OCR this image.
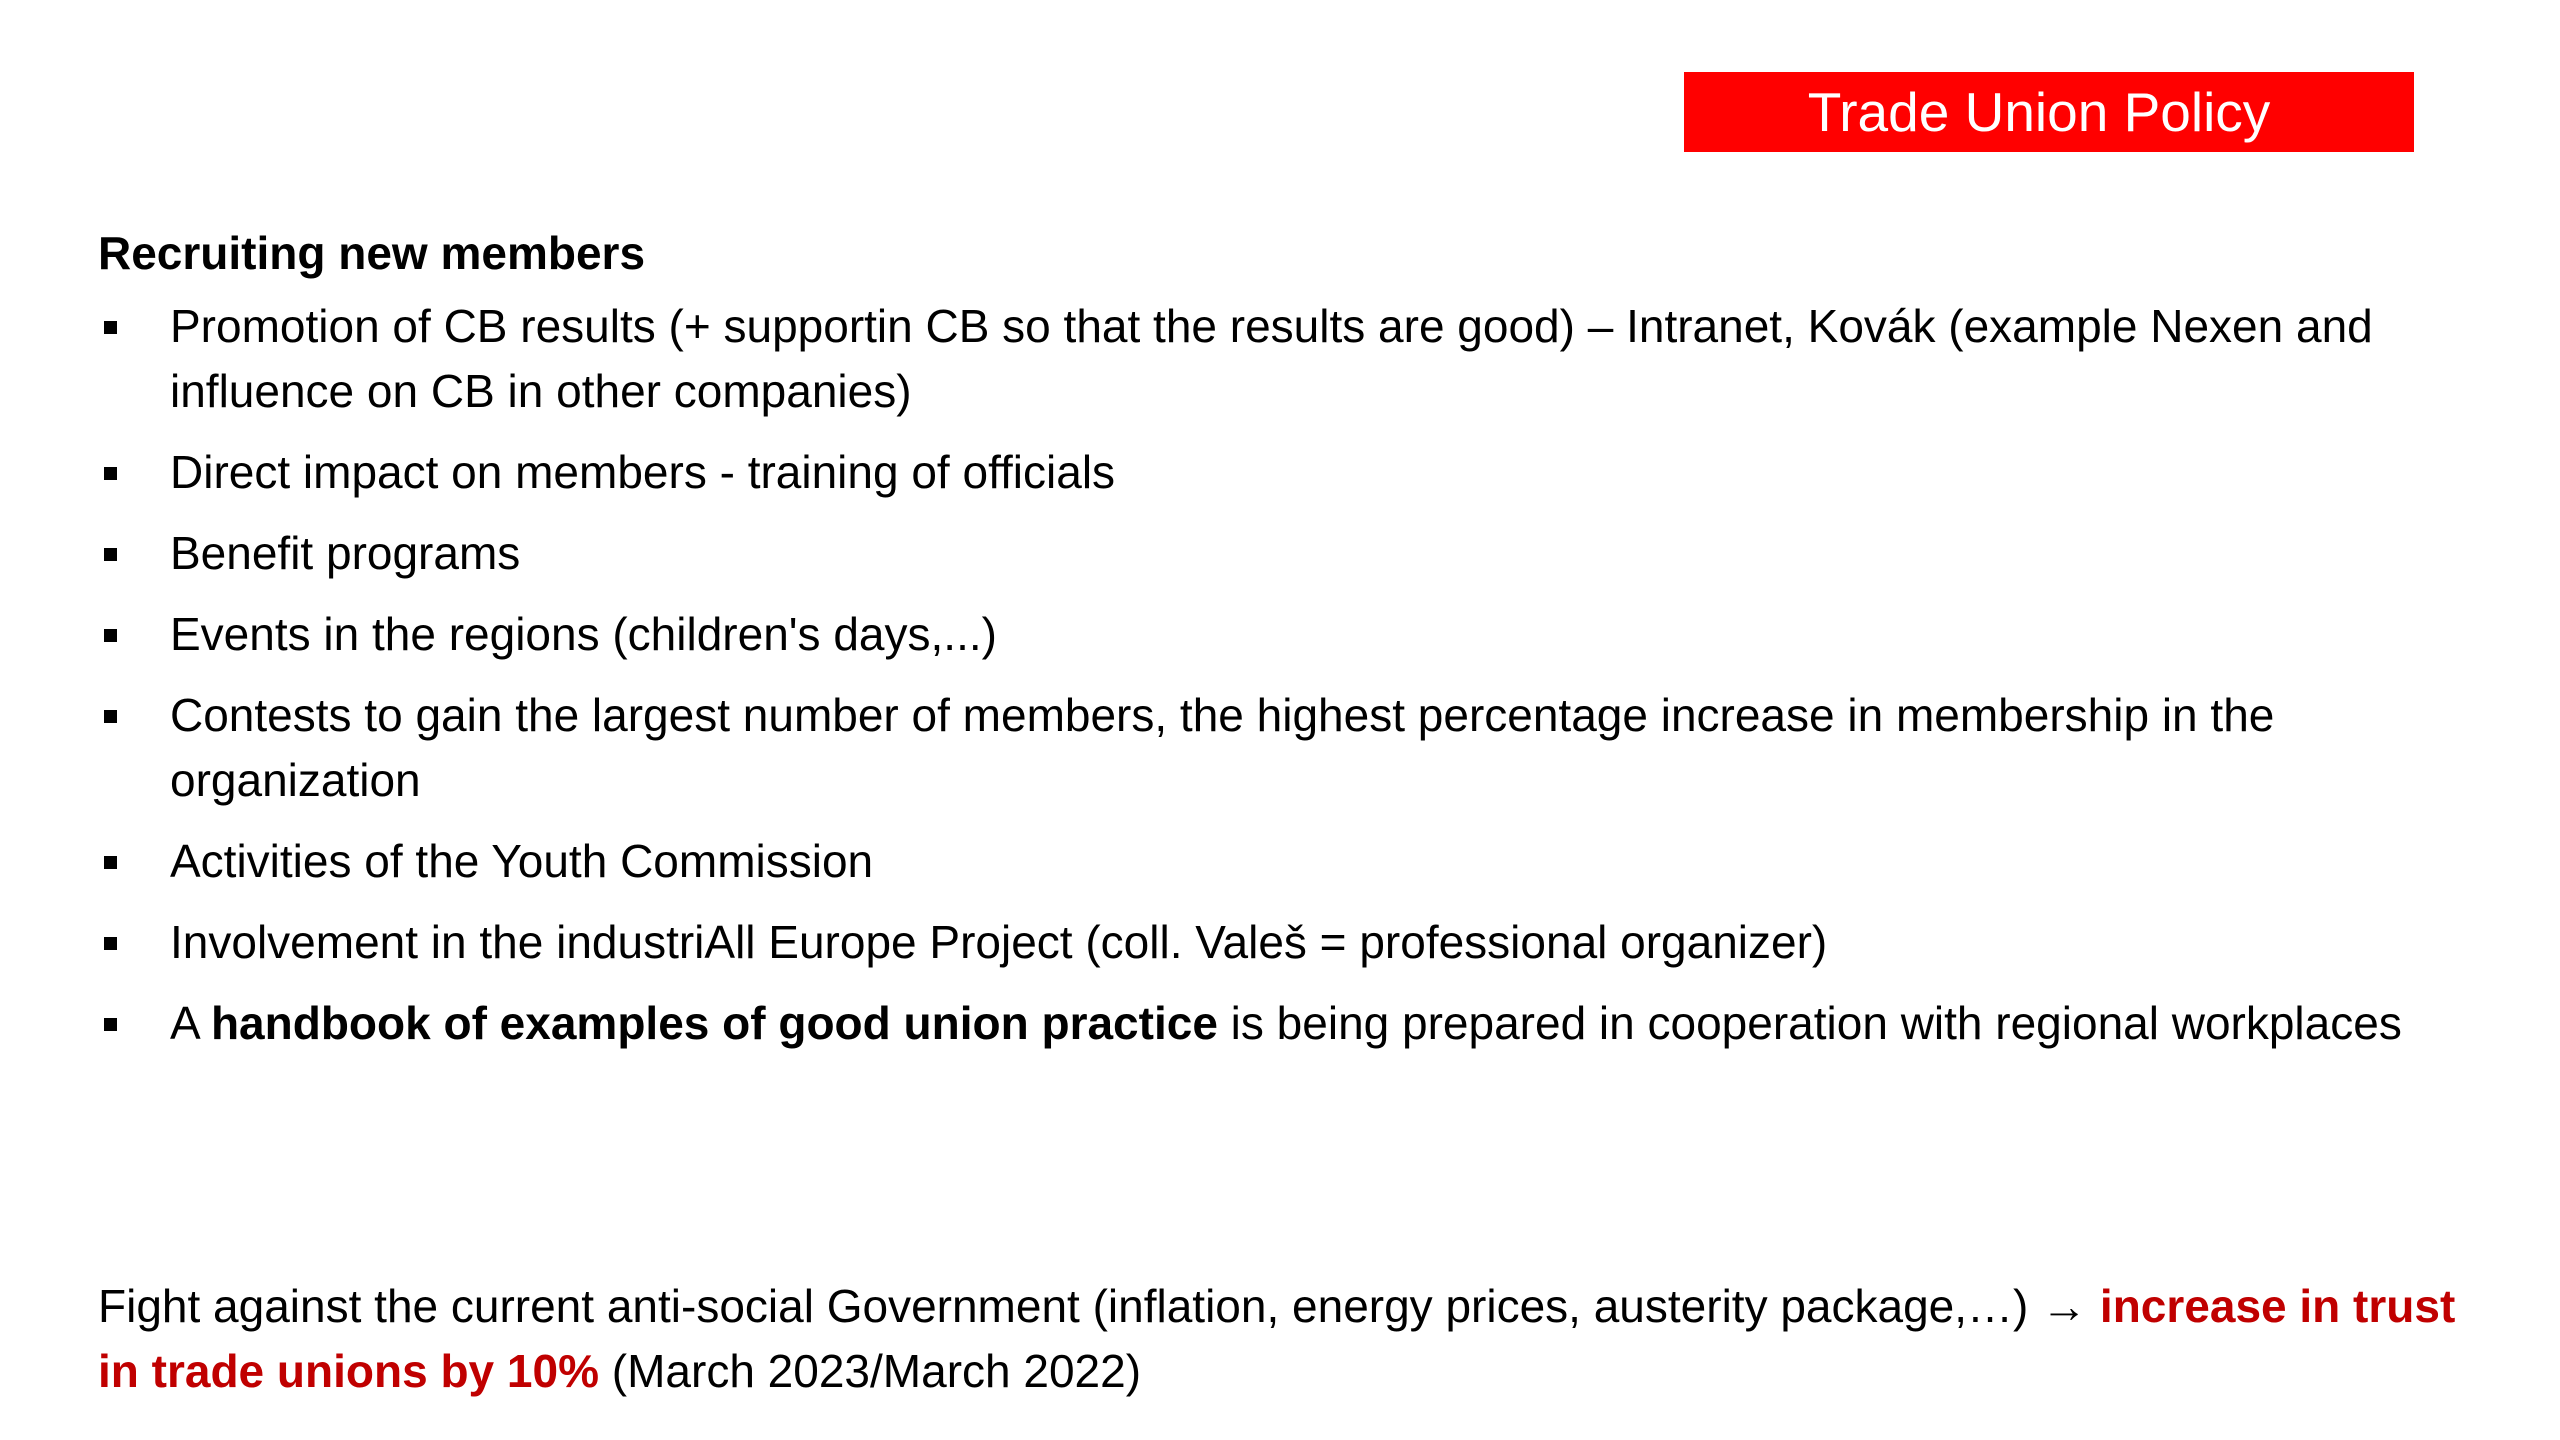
Trade Union Policy
Recruiting new members
Promotion of CB results (+ supportin CB so that the results are good) – Intranet, Kovák (example Nexen and influence on CB in other companies)
Direct impact on members - training of officials
Benefit programs
Events in the regions (children's days,...)
Contests to gain the largest number of members, the highest percentage increase in membership in the organization
Activities of the Youth Commission
Involvement in the industriAll Europe Project (coll. Valeš = professional organizer)
A handbook of examples of good union practice is being prepared in cooperation with regional workplaces
Fight against the current anti-social Government (inflation, energy prices, austerity package,…) → increase in trust in trade unions by 10% (March 2023/March 2022)
